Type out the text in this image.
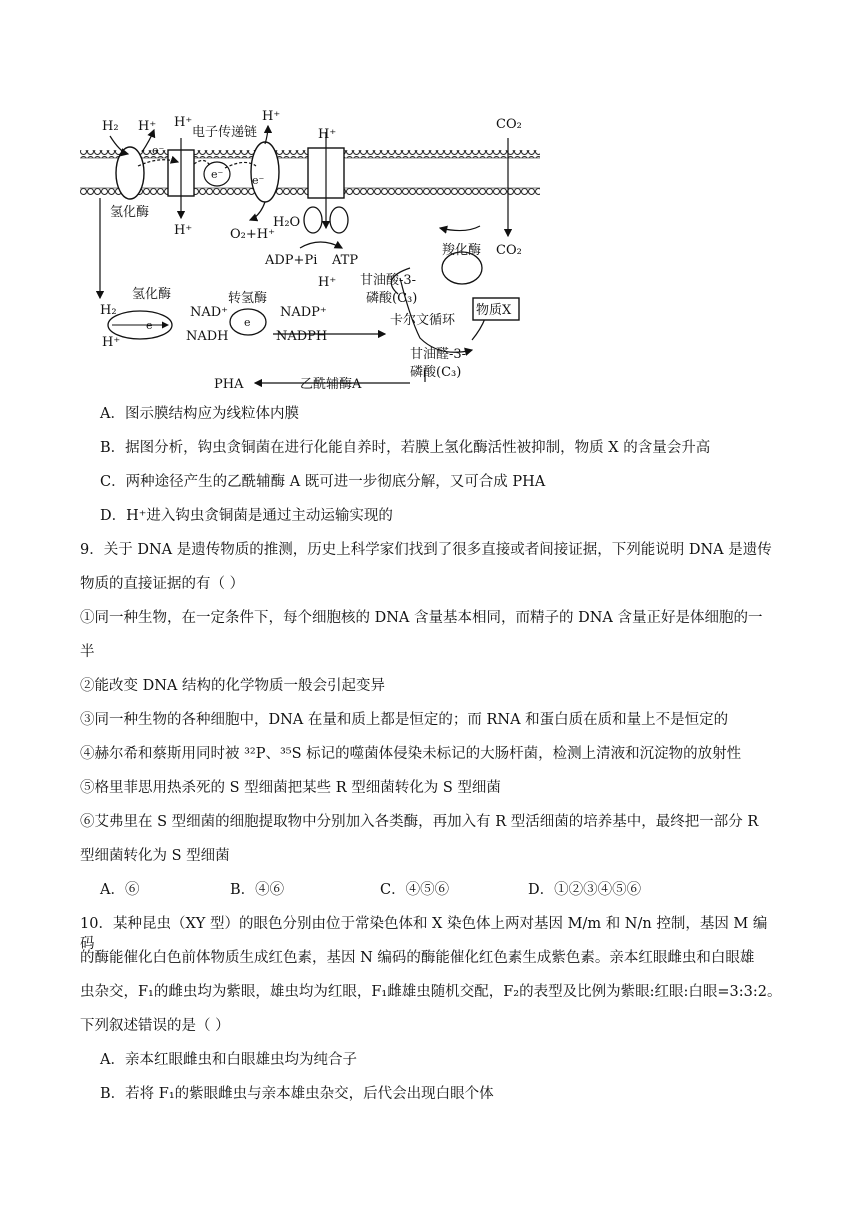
H₂ H⁺ H⁺
电子传递链
H⁺
H⁺
CO₂
e⁻
e⁻	e⁻
氢化酶
H⁺
H₂O
O₂+H⁺
ADP+Pi ATP
H⁺
羧化酶 CO₂
甘油酸-3-
磷酸(C₃)
物质X
卡尔文循环
H₂
氢化酶
NAD⁺
转氢酶
NADP⁺
e	e
H⁺	NADH	NADPH
甘油醛-3-
磷酸(C₃)
PHA	乙酰辅酶A
A．图示膜结构应为线粒体内膜
B．据图分析，钩虫贪铜菌在进行化能自养时，若膜上氢化酶活性被抑制，物质 X 的含量会升高
C．两种途径产生的乙酰辅酶 A 既可进一步彻底分解，又可合成 PHA
D．H⁺进入钩虫贪铜菌是通过主动运输实现的
9．关于 DNA 是遗传物质的推测，历史上科学家们找到了很多直接或者间接证据，下列能说明 DNA 是遗传
物质的直接证据的有（ ）
①同一种生物，在一定条件下，每个细胞核的 DNA 含量基本相同，而精子的 DNA 含量正好是体细胞的一
半
②能改变 DNA 结构的化学物质一般会引起变异
③同一种生物的各种细胞中，DNA 在量和质上都是恒定的；而 RNA 和蛋白质在质和量上不是恒定的
④赫尔希和蔡斯用同时被 ³²P、³⁵S 标记的噬菌体侵染未标记的大肠杆菌，检测上清液和沉淀物的放射性
⑤格里菲思用热杀死的 S 型细菌把某些 R 型细菌转化为 S 型细菌
⑥艾弗里在 S 型细菌的细胞提取物中分别加入各类酶，再加入有 R 型活细菌的培养基中，最终把一部分 R
型细菌转化为 S 型细菌
A．⑥	B．④⑥	C．④⑤⑥	D．①②③④⑤⑥
10．某种昆虫（XY 型）的眼色分别由位于常染色体和 X 染色体上两对基因 M/m 和 N/n 控制，基因 M 编码
的酶能催化白色前体物质生成红色素，基因 N 编码的酶能催化红色素生成紫色素。亲本红眼雌虫和白眼雄
虫杂交，F₁的雌虫均为紫眼，雄虫均为红眼，F₁雌雄虫随机交配，F₂的表型及比例为紫眼:红眼:白眼=3:3:2。
下列叙述错误的是（ ）
A．亲本红眼雌虫和白眼雄虫均为纯合子
B．若将 F₁的紫眼雌虫与亲本雄虫杂交，后代会出现白眼个体
